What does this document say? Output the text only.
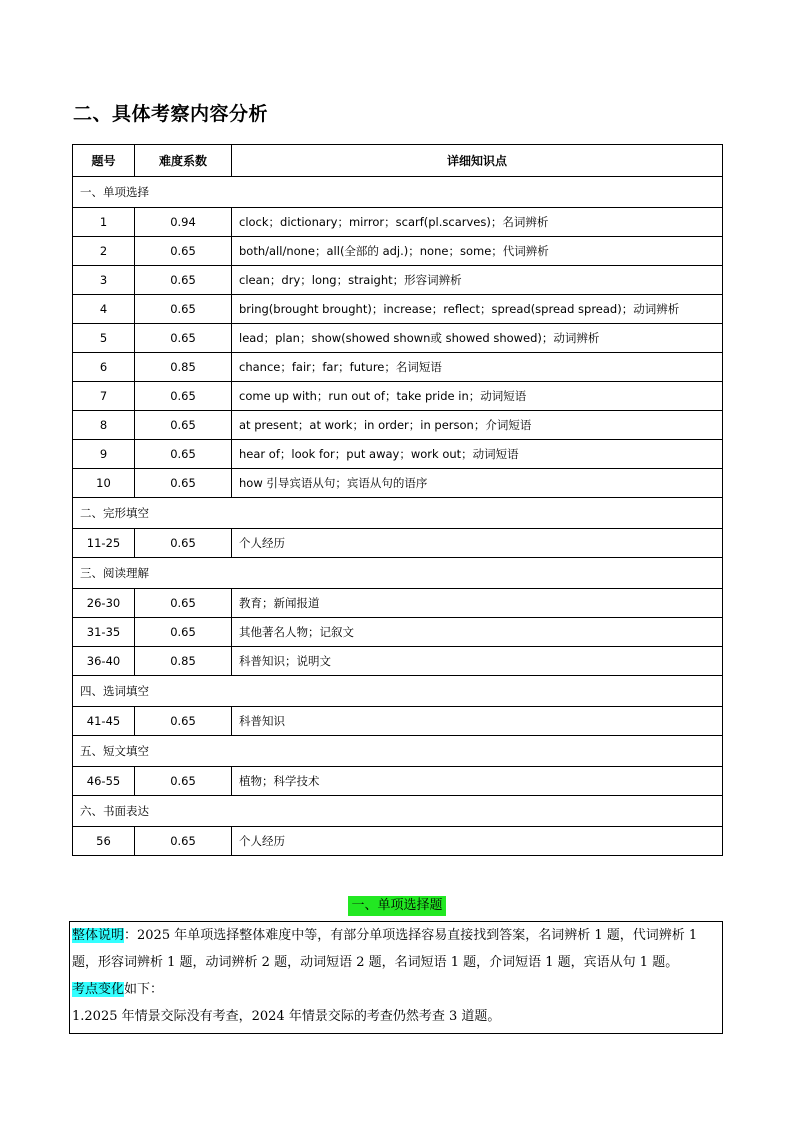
二、具体考察内容分析
题号	难度系数	详细知识点
一、单项选择		
1	0.94	clock；dictionary；mirror；scarf(pl.scarves)；名词辨析
2	0.65	both/all/none；all(全部的 adj.)；none；some；代词辨析
3	0.65	clean；dry；long；straight；形容词辨析
4	0.65	bring(brought brought)；increase；reflect；spread(spread spread)；动词辨析
5	0.65	lead；plan；show(showed shown或 showed showed)；动词辨析
6	0.85	chance；fair；far；future；名词短语
7	0.65	come up with；run out of；take pride in；动词短语
8	0.65	at present；at work；in order；in person；介词短语
9	0.65	hear of；look for；put away；work out；动词短语
10	0.65	how 引导宾语从句；宾语从句的语序
二、完形填空		
11-25	0.65	个人经历
三、阅读理解		
26-30	0.65	教育；新闻报道
31-35	0.65	其他著名人物；记叙文
36-40	0.85	科普知识；说明文
四、选词填空		
41-45	0.65	科普知识
五、短文填空		
46-55	0.65	植物；科学技术
六、书面表达		
56	0.65	个人经历
一、单项选择题

整体说明：2025 年单项选择整体难度中等，有部分单项选择容易直接找到答案，名词辨析 1 题，代词辨析 1 题，形容词辨析 1 题，动词辨析 2 题，动词短语 2 题，名词短语 1 题，介词短语 1 题，宾语从句 1 题。

考点变化如下：

1.2025 年情景交际没有考查，2024 年情景交际的考查仍然考查 3 道题。
